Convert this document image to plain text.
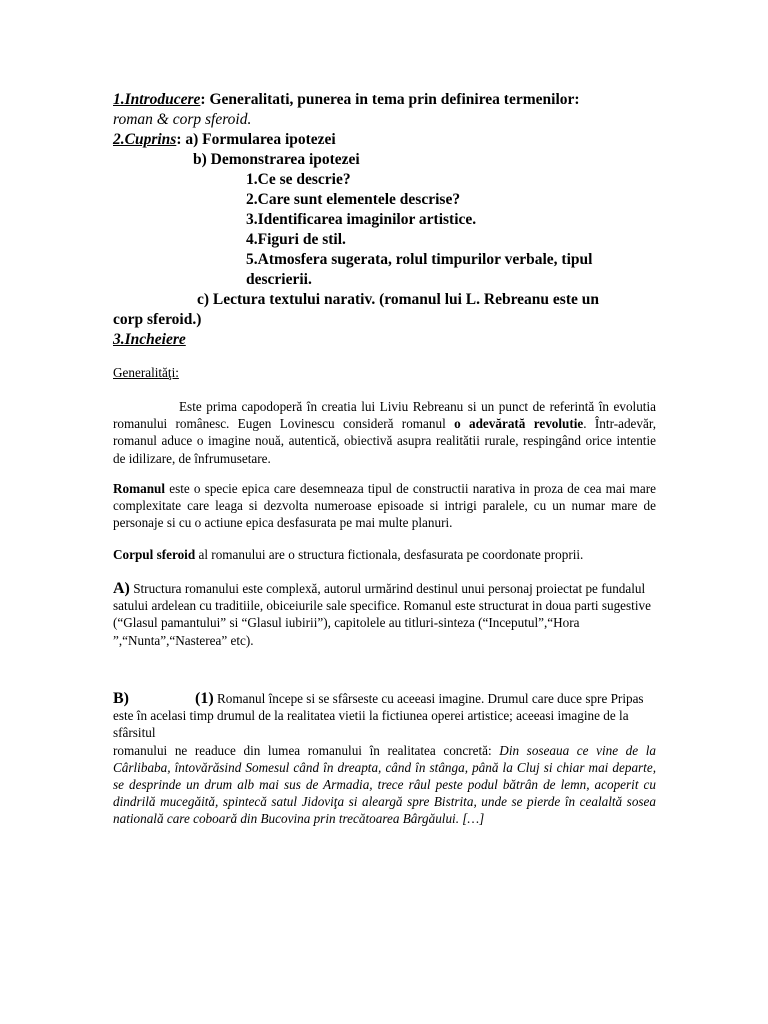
1.Introducere: Generalitati, punerea in tema prin definirea termenilor:
roman & corp sferoid.
2.Cuprins: a) Formularea ipotezei
b) Demonstrarea ipotezei
1.Ce se descrie?
2.Care sunt elementele descrise?
3.Identificarea imaginilor artistice.
4.Figuri de stil.
5.Atmosfera sugerata, rolul timpurilor verbale, tipul
descrierii.
c) Lectura textului narativ. (romanul lui L. Rebreanu este un
corp sferoid.)
3.Incheiere
Generalităţi:
Este prima capodoperă în creatia lui Liviu Rebreanu si un punct de referintă în evolutia romanului românesc. Eugen Lovinescu consideră romanul o adevărată revolutie. Într-adevăr, romanul aduce o imagine nouă, autentică, obiectivă asupra realitătii rurale, respingând orice intentie de idilizare, de înfrumusetare.
Romanul este o specie epica care desemneaza tipul de constructii narativa in proza de cea mai mare complexitate care leaga si dezvolta numeroase episoade si intrigi paralele, cu un numar mare de personaje si cu o actiune epica desfasurata pe mai multe planuri.
Corpul sferoid al romanului are o structura fictionala, desfasurata pe coordonate proprii.
A) Structura romanului este complexă, autorul urmărind destinul unui personaj proiectat pe fundalul satului ardelean cu traditiile, obiceiurile sale specifice. Romanul este structurat in doua parti sugestive (“Glasul pamantului” si “Glasul iubirii”), capitolele au titluri-sinteza (“Inceputul”,“Hora ”,“Nunta”,“Nasterea” etc).
B)	(1) Romanul începe si se sfârseste cu aceeasi imagine. Drumul care duce spre Pripas este în acelasi timp drumul de la realitatea vietii la fictiunea operei artistice; aceeasi imagine de la sfârsitul
romanului ne readuce din lumea romanului în realitatea concretă: Din soseaua ce vine de la Cârlibaba, întovărăsind Somesul când în dreapta, când în stânga, până la Cluj si chiar mai departe, se desprinde un drum alb mai sus de Armadia, trece râul peste podul bătrân de lemn, acoperit cu dindrilă mucegăită, spintecă satul Jidoviţa si aleargă spre Bistrita, unde se pierde în cealaltă sosea natională care coboară din Bucovina prin trecătoarea Bârgăului. […]
